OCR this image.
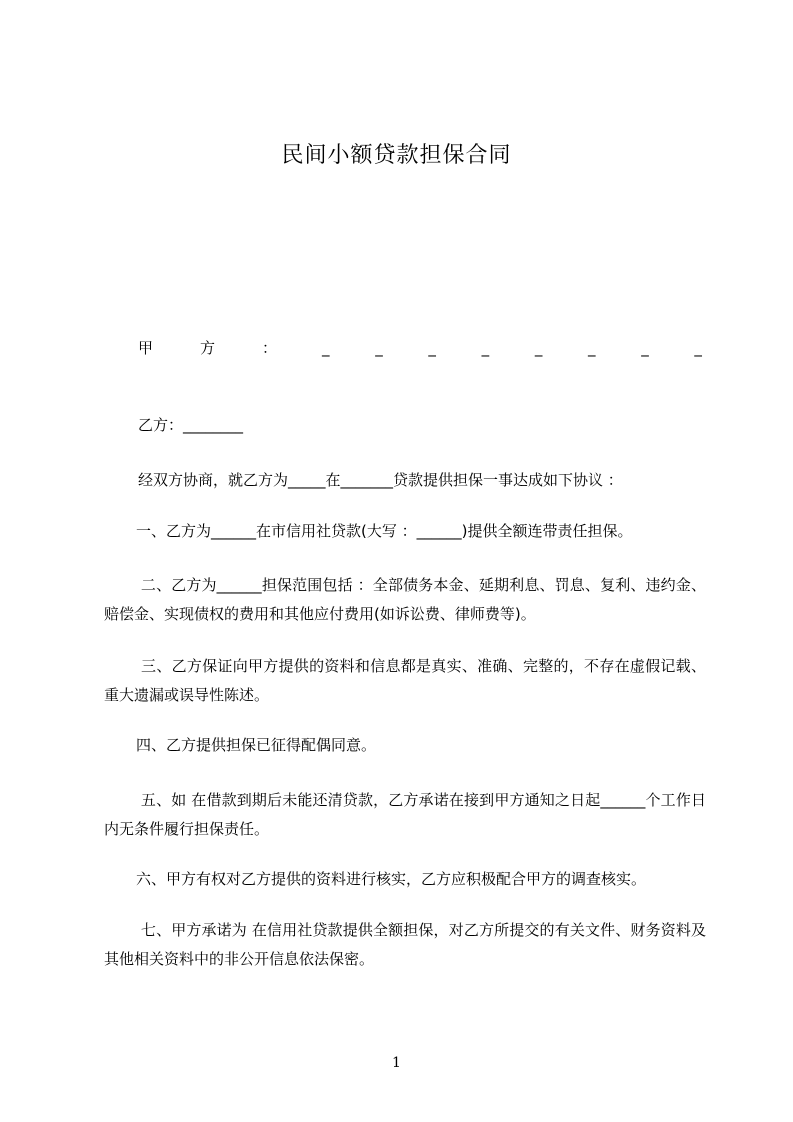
民间小额贷款担保合同
甲	方	：	_	_	_	_	_	_	_	_
乙方：________
经双方协商，就乙方为_____在_______贷款提供担保一事达成如下协议 ：
一、乙方为______在市信用社贷款(大写 ：______)提供全额连带责任担保。
二、乙方为______担保范围包括 ：全部债务本金、延期利息、罚息、复利、违约金、赔偿金、实现债权的费用和其他应付费用(如诉讼费、律师费等)。
三、乙方保证向甲方提供的资料和信息都是真实、准确、完整的，不存在虚假记载、重大遗漏或误导性陈述。
四、乙方提供担保已征得配偶同意。
五、如 在借款到期后未能还清贷款，乙方承诺在接到甲方通知之日起______个工作日内无条件履行担保责任。
六、甲方有权对乙方提供的资料进行核实，乙方应积极配合甲方的调查核实。
七、甲方承诺为 在信用社贷款提供全额担保，对乙方所提交的有关文件、财务资料及其他相关资料中的非公开信息依法保密。
1
